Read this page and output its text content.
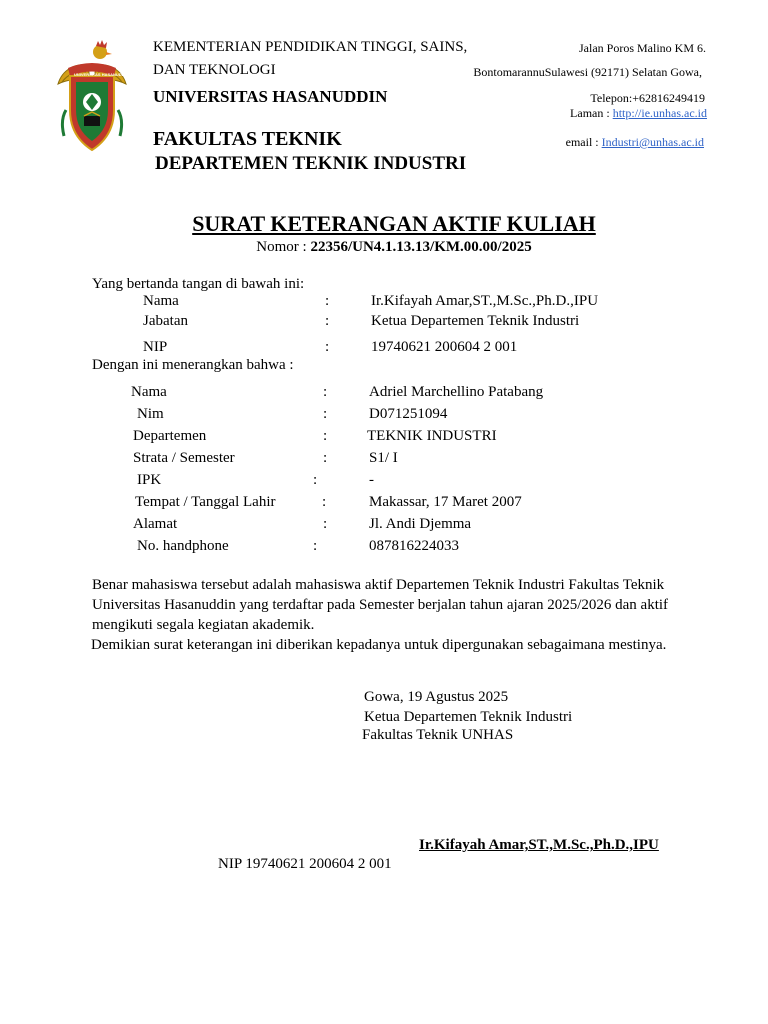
UNIVERSITAS HASANUDDIN
KEMENTERIAN PENDIDIKAN TINGGI, SAINS,
DAN TEKNOLOGI
UNIVERSITAS HASANUDDIN
FAKULTAS TEKNIK
DEPARTEMEN TEKNIK INDUSTRI
Jalan Poros Malino KM 6.
BontomarannuSulawesi (92171) Selatan Gowa,
Telepon:+62816249419
Laman : http://ie.unhas.ac.id
email : Industri@unhas.ac.id
SURAT KETERANGAN AKTIF KULIAH
Nomor : 22356/UN4.1.13.13/KM.00.00/2025
Yang bertanda tangan di bawah ini:
Nama	:	Ir.Kifayah Amar,ST.,M.Sc.,Ph.D.,IPU
Jabatan	:	Ketua Departemen Teknik Industri
NIP	:	19740621 200604 2 001
Dengan ini menerangkan bahwa :
Nama	:	Adriel Marchellino Patabang
Nim	:	D071251094
Departemen	:	TEKNIK INDUSTRI
Strata / Semester	:	S1/ I
IPK	:	-
Tempat / Tanggal Lahir	:	Makassar, 17 Maret 2007
Alamat	:	Jl. Andi Djemma
No. handphone	:	087816224033
Benar mahasiswa tersebut adalah mahasiswa aktif Departemen Teknik Industri Fakultas Teknik Universitas Hasanuddin yang terdaftar pada Semester berjalan tahun ajaran 2025/2026 dan aktif mengikuti segala kegiatan akademik.
Demikian surat keterangan ini diberikan kepadanya untuk dipergunakan sebagaimana mestinya.
Gowa, 19 Agustus 2025
Ketua Departemen Teknik Industri
Fakultas Teknik UNHAS
Ir.Kifayah Amar,ST.,M.Sc.,Ph.D.,IPU
NIP 19740621 200604 2 001
